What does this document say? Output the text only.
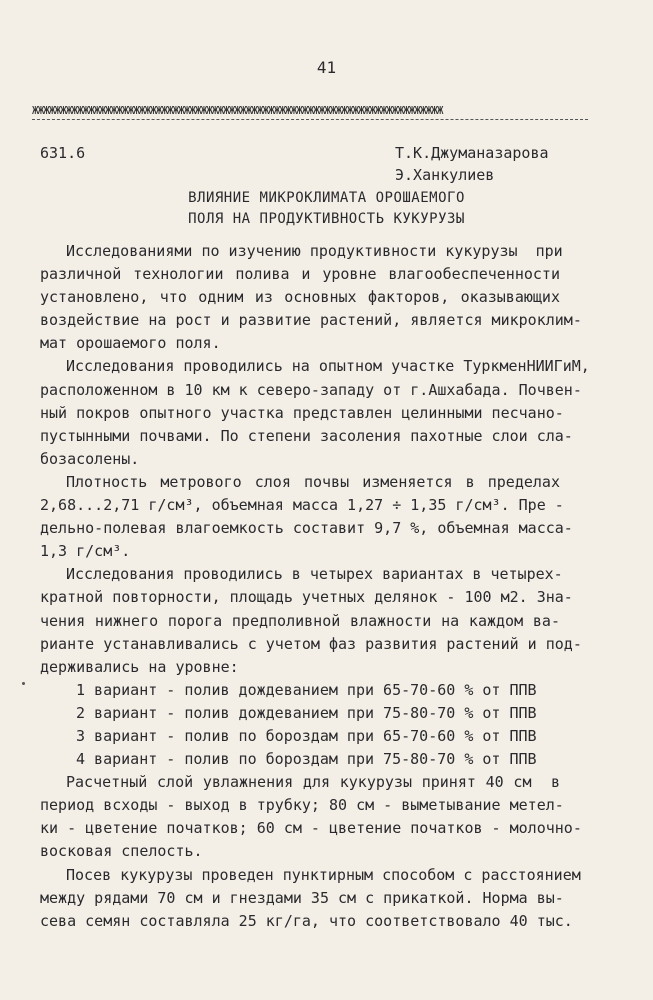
41
ЖЖЖЖЖЖЖЖЖЖЖЖЖЖЖЖЖЖЖЖЖЖЖЖЖЖЖЖЖЖЖЖЖЖЖЖЖЖЖЖЖЖЖЖЖЖЖЖЖЖЖЖЖЖЖЖЖЖЖЖЖЖЖЖЖЖЖЖЖЖЖЖЖ
631.6	Т.К.Джуманазарова
Э.Ханкулиев
ВЛИЯНИЕ МИКРОКЛИМАТА ОРОШАЕМОГО
ПОЛЯ НА ПРОДУКТИВНОСТЬ КУКУРУЗЫ
Исследованиями по изучению продуктивности кукурузы  при
различной технологии полива и уровне влагообеспеченности
установлено, что одним из основных факторов, оказывающих
воздействие на рост и развитие растений, является микроклим-
мат орошаемого поля.
Исследования проводились на опытном участке ТуркменНИИГиМ,
расположенном в 10 км к северо-западу от г.Ашхабада. Почвен-
ный покров опытного участка представлен целинными песчано-
пустынными почвами. По степени засоления пахотные слои сла-
бозасолены.
Плотность метрового слоя почвы изменяется в пределах
2,68...2,71 г/см³, объемная масса 1,27 ÷ 1,35 г/см³. Пре -
дельно-полевая влагоемкость составит 9,7 %, объемная масса-
1,3 г/см³.
Исследования проводились в четырех вариантах в четырех-
кратной повторности, площадь учетных делянок - 100 м2. Зна-
чения нижнего порога предполивной влажности на каждом ва-
рианте устанавливались с учетом фаз развития растений и под-
держивались на уровне:
1 вариант - полив дождеванием при 65-70-60 % от ППВ
2 вариант - полив дождеванием при 75-80-70 % от ППВ
3 вариант - полив по бороздам при 65-70-60 % от ППВ
4 вариант - полив по бороздам при 75-80-70 % от ППВ
Расчетный слой увлажнения для кукурузы принят 40 см  в
период всходы - выход в трубку; 80 см - выметывание метел-
ки - цветение початков; 60 см - цветение початков - молочно-
восковая спелость.
Посев кукурузы проведен пунктирным способом с расстоянием
между рядами 70 см и гнездами 35 см с прикаткой. Норма вы-
сева семян составляла 25 кг/га, что соответствовало 40 тыс.
